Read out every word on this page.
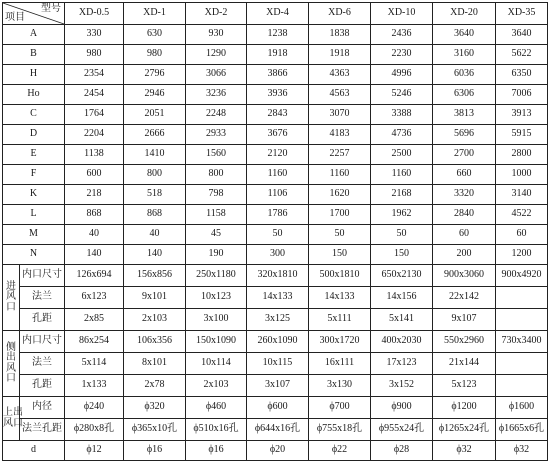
型号
项目		XD-0.5	XD-1	XD-2	XD-4	XD-6	XD-10	XD-20	XD-35
A		330	630	930	1238	1838	2436	3640	3640
B		980	980	1290	1918	1918	2230	3160	5622
H		2354	2796	3066	3866	4363	4996	6036	6350
Ho		2454	2946	3236	3936	4563	5246	6306	7006
C		1764	2051	2248	2843	3070	3388	3813	3913
D		2204	2666	2933	3676	4183	4736	5696	5915
E		1138	1410	1560	2120	2257	2500	2700	2800
F		600	800	800	1160	1160	1160	660	1000
K		218	518	798	1106	1620	2168	3320	3140
L		868	868	1158	1786	1700	1962	2840	4522
M		40	40	45	50	50	50	60	60
N		140	140	190	300	150	150	200	1200

进
风
口	内口尺寸	126x694	156x856	250x1180	320x1810	500x1810	650x2130	900x3060	900x4920
	法兰	6x123	9x101	10x123	14x133	14x133	14x156	22x142	
	孔距	2x85	2x103	3x100	3x125	5x111	5x141	9x107	

侧
出
风
口	内口尺寸	86x254	106x356	150x1090	260x1090	300x1720	400x2030	550x2960	730x3400
	法兰	5x114	8x101	10x114	10x115	16x111	17x123	21x144	
	孔距	1x133	2x78	2x103	3x107	3x130	3x152	5x123	

上出
风口	内径	ϕ240	ϕ320	ϕ460	ϕ600	ϕ700	ϕ900	ϕ1200	ϕ1600
	法兰孔距	ϕ280x8孔	ϕ365x10孔	ϕ510x16孔	ϕ644x16孔	ϕ755x18孔	ϕ955x24孔	ϕ1265x24孔	ϕ1665x6孔
d		ϕ12	ϕ16	ϕ16	ϕ20	ϕ22	ϕ28	ϕ32	ϕ32
